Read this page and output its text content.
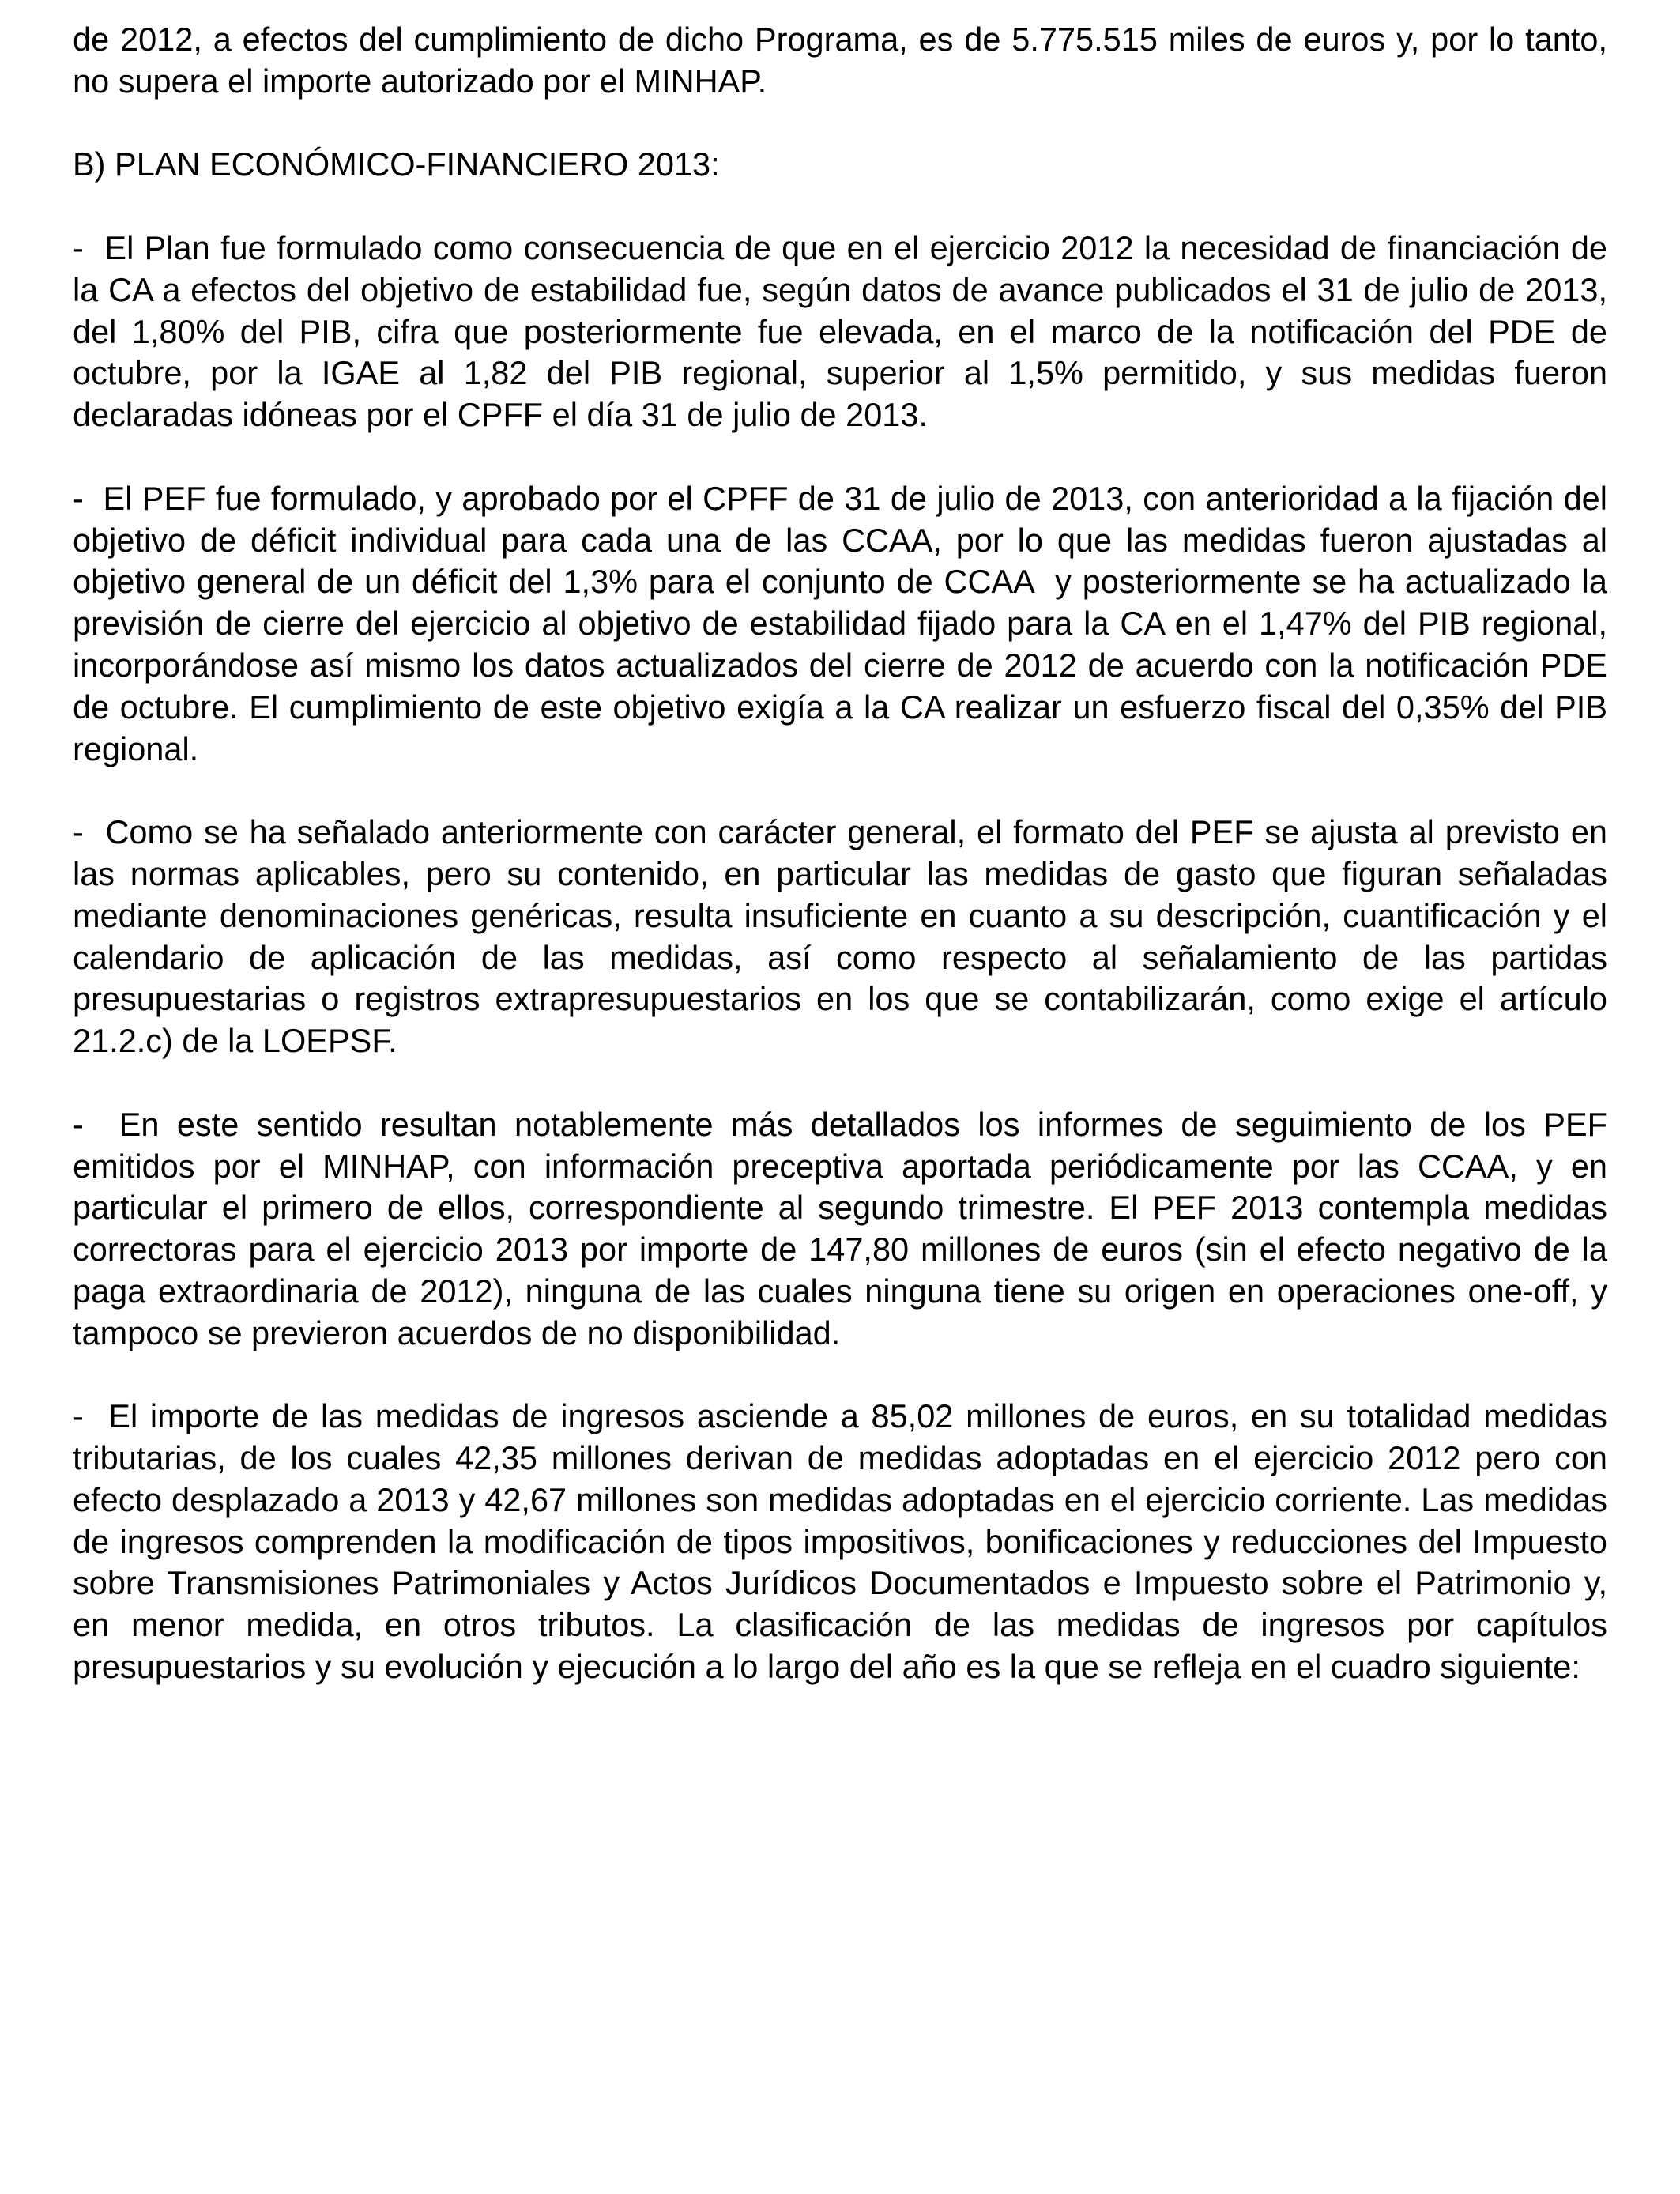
de 2012, a efectos del cumplimiento de dicho Programa, es de 5.775.515 miles de euros y, por lo tanto, no supera el importe autorizado por el MINHAP.

B) PLAN ECONÓMICO-FINANCIERO 2013:

-  El Plan fue formulado como consecuencia de que en el ejercicio 2012 la necesidad de financiación de la CA a efectos del objetivo de estabilidad fue, según datos de avance publicados el 31 de julio de 2013, del 1,80% del PIB, cifra que posteriormente fue elevada, en el marco de la notificación del PDE de octubre, por la IGAE al 1,82 del PIB regional, superior al 1,5% permitido, y sus medidas fueron declaradas idóneas por el CPFF el día 31 de julio de 2013.

-  El PEF fue formulado, y aprobado por el CPFF de 31 de julio de 2013, con anterioridad a la fijación del objetivo de déficit individual para cada una de las CCAA, por lo que las medidas fueron ajustadas al objetivo general de un déficit del 1,3% para el conjunto de CCAA  y posteriormente se ha actualizado la previsión de cierre del ejercicio al objetivo de estabilidad fijado para la CA en el 1,47% del PIB regional, incorporándose así mismo los datos actualizados del cierre de 2012 de acuerdo con la notificación PDE de octubre. El cumplimiento de este objetivo exigía a la CA realizar un esfuerzo fiscal del 0,35% del PIB regional.

-  Como se ha señalado anteriormente con carácter general, el formato del PEF se ajusta al previsto en las normas aplicables, pero su contenido, en particular las medidas de gasto que figuran señaladas mediante denominaciones genéricas, resulta insuficiente en cuanto a su descripción, cuantificación y el calendario de aplicación de las medidas, así como respecto al señalamiento de las partidas presupuestarias o registros extrapresupuestarios en los que se contabilizarán, como exige el artículo 21.2.c) de la LOEPSF.

-  En este sentido resultan notablemente más detallados los informes de seguimiento de los PEF emitidos por el MINHAP, con información preceptiva aportada periódicamente por las CCAA, y en particular el primero de ellos, correspondiente al segundo trimestre. El PEF 2013 contempla medidas correctoras para el ejercicio 2013 por importe de 147,80 millones de euros (sin el efecto negativo de la paga extraordinaria de 2012), ninguna de las cuales ninguna tiene su origen en operaciones one-off, y tampoco se previeron acuerdos de no disponibilidad.

-  El importe de las medidas de ingresos asciende a 85,02 millones de euros, en su totalidad medidas tributarias, de los cuales 42,35 millones derivan de medidas adoptadas en el ejercicio 2012 pero con efecto desplazado a 2013 y 42,67 millones son medidas adoptadas en el ejercicio corriente. Las medidas de ingresos comprenden la modificación de tipos impositivos, bonificaciones y reducciones del Impuesto sobre Transmisiones Patrimoniales y Actos Jurídicos Documentados e Impuesto sobre el Patrimonio y, en menor medida, en otros tributos. La clasificación de las medidas de ingresos por capítulos presupuestarios y su evolución y ejecución a lo largo del año es la que se refleja en el cuadro siguiente:
